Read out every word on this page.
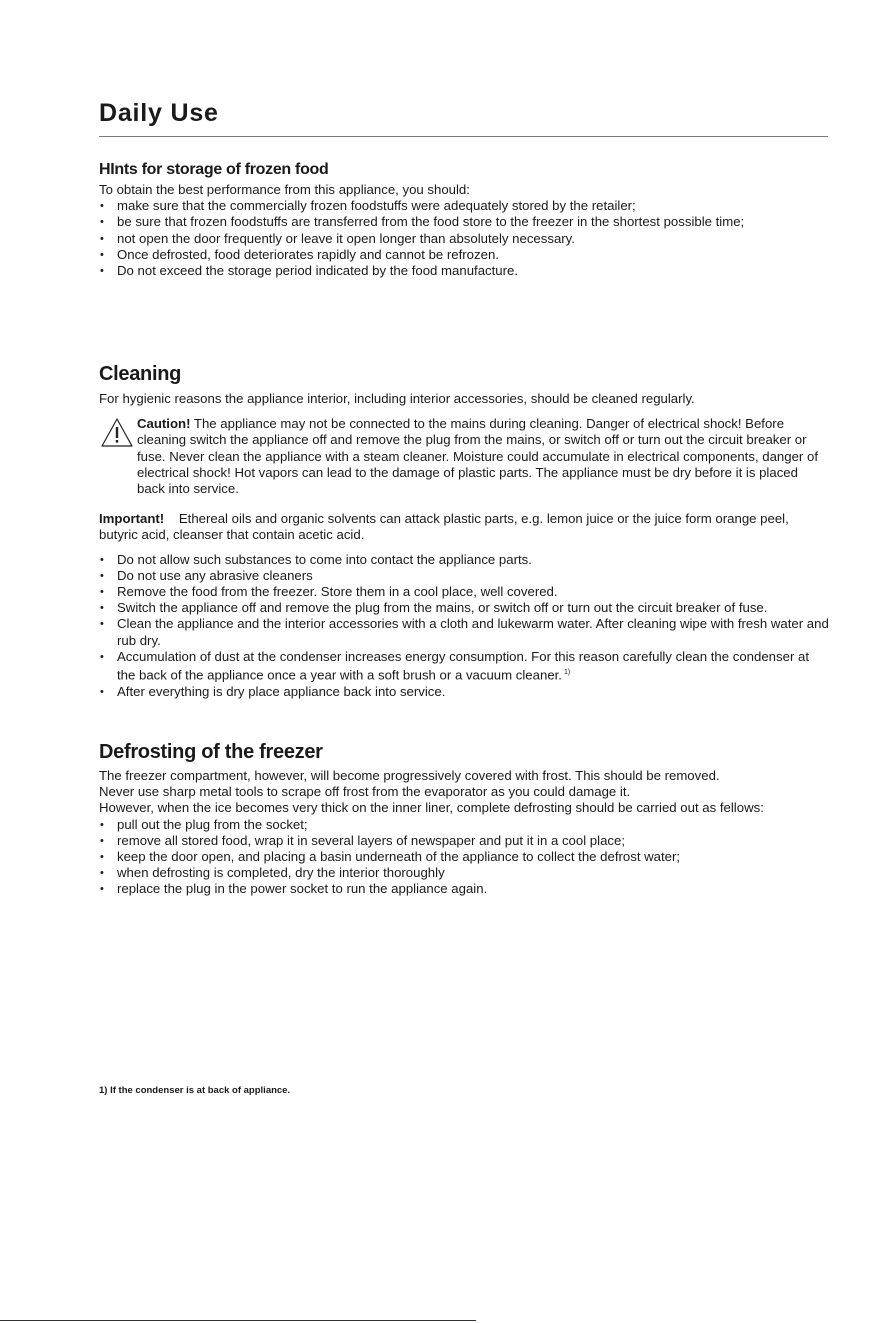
Daily Use
HInts for storage of frozen food

To obtain the best performance from this appliance, you should:

• make sure that the commercially frozen foodstuffs were adequately stored by the retailer;
• be sure that frozen foodstuffs are transferred from the food store to the freezer in the shortest possible time;
• not open the door frequently or leave it open longer than absolutely necessary.
• Once defrosted, food deteriorates rapidly and cannot be refrozen.
• Do not exceed the storage period indicated by the food manufacture.
Cleaning

For hygienic reasons the appliance interior, including interior accessories, should be cleaned regularly.

Caution! The appliance may not be connected to the mains during cleaning. Danger of electrical shock! Before cleaning switch the appliance off and remove the plug from the mains, or switch off or turn out the circuit breaker or fuse. Never clean the appliance with a steam cleaner. Moisture could accumulate in electrical components, danger of electrical shock! Hot vapors can lead to the damage of plastic parts. The appliance must be dry before it is placed back into service.

Important!    Ethereal oils and organic solvents can attack plastic parts, e.g. lemon juice or the juice form orange peel, butyric acid, cleanser that contain acetic acid.

• Do not allow such substances to come into contact the appliance parts.
• Do not use any abrasive cleaners
• Remove the food from the freezer. Store them in a cool place, well covered.
• Switch the appliance off and remove the plug from the mains, or switch off or turn out the circuit breaker of fuse.
• Clean the appliance and the interior accessories with a cloth and lukewarm water. After cleaning wipe with fresh water and rub dry.
• Accumulation of dust at the condenser increases energy consumption. For this reason carefully clean the condenser at the back of the appliance once a year with a soft brush or a vacuum cleaner. $^{1)}$
• After everything is dry place appliance back into service.
Defrosting of the freezer

The freezer compartment, however, will become progressively covered with frost. This should be removed.

Never use sharp metal tools to scrape off frost from the evaporator as you could damage it.

However, when the ice becomes very thick on the inner liner, complete defrosting should be carried out as fellows:

• pull out the plug from the socket;
• remove all stored food, wrap it in several layers of newspaper and put it in a cool place;
• keep the door open, and placing a basin underneath of the appliance to collect the defrost water;
• when defrosting is completed, dry the interior thoroughly
• replace the plug in the power socket to run the appliance again.
1) If the condenser is at back of appliance.
